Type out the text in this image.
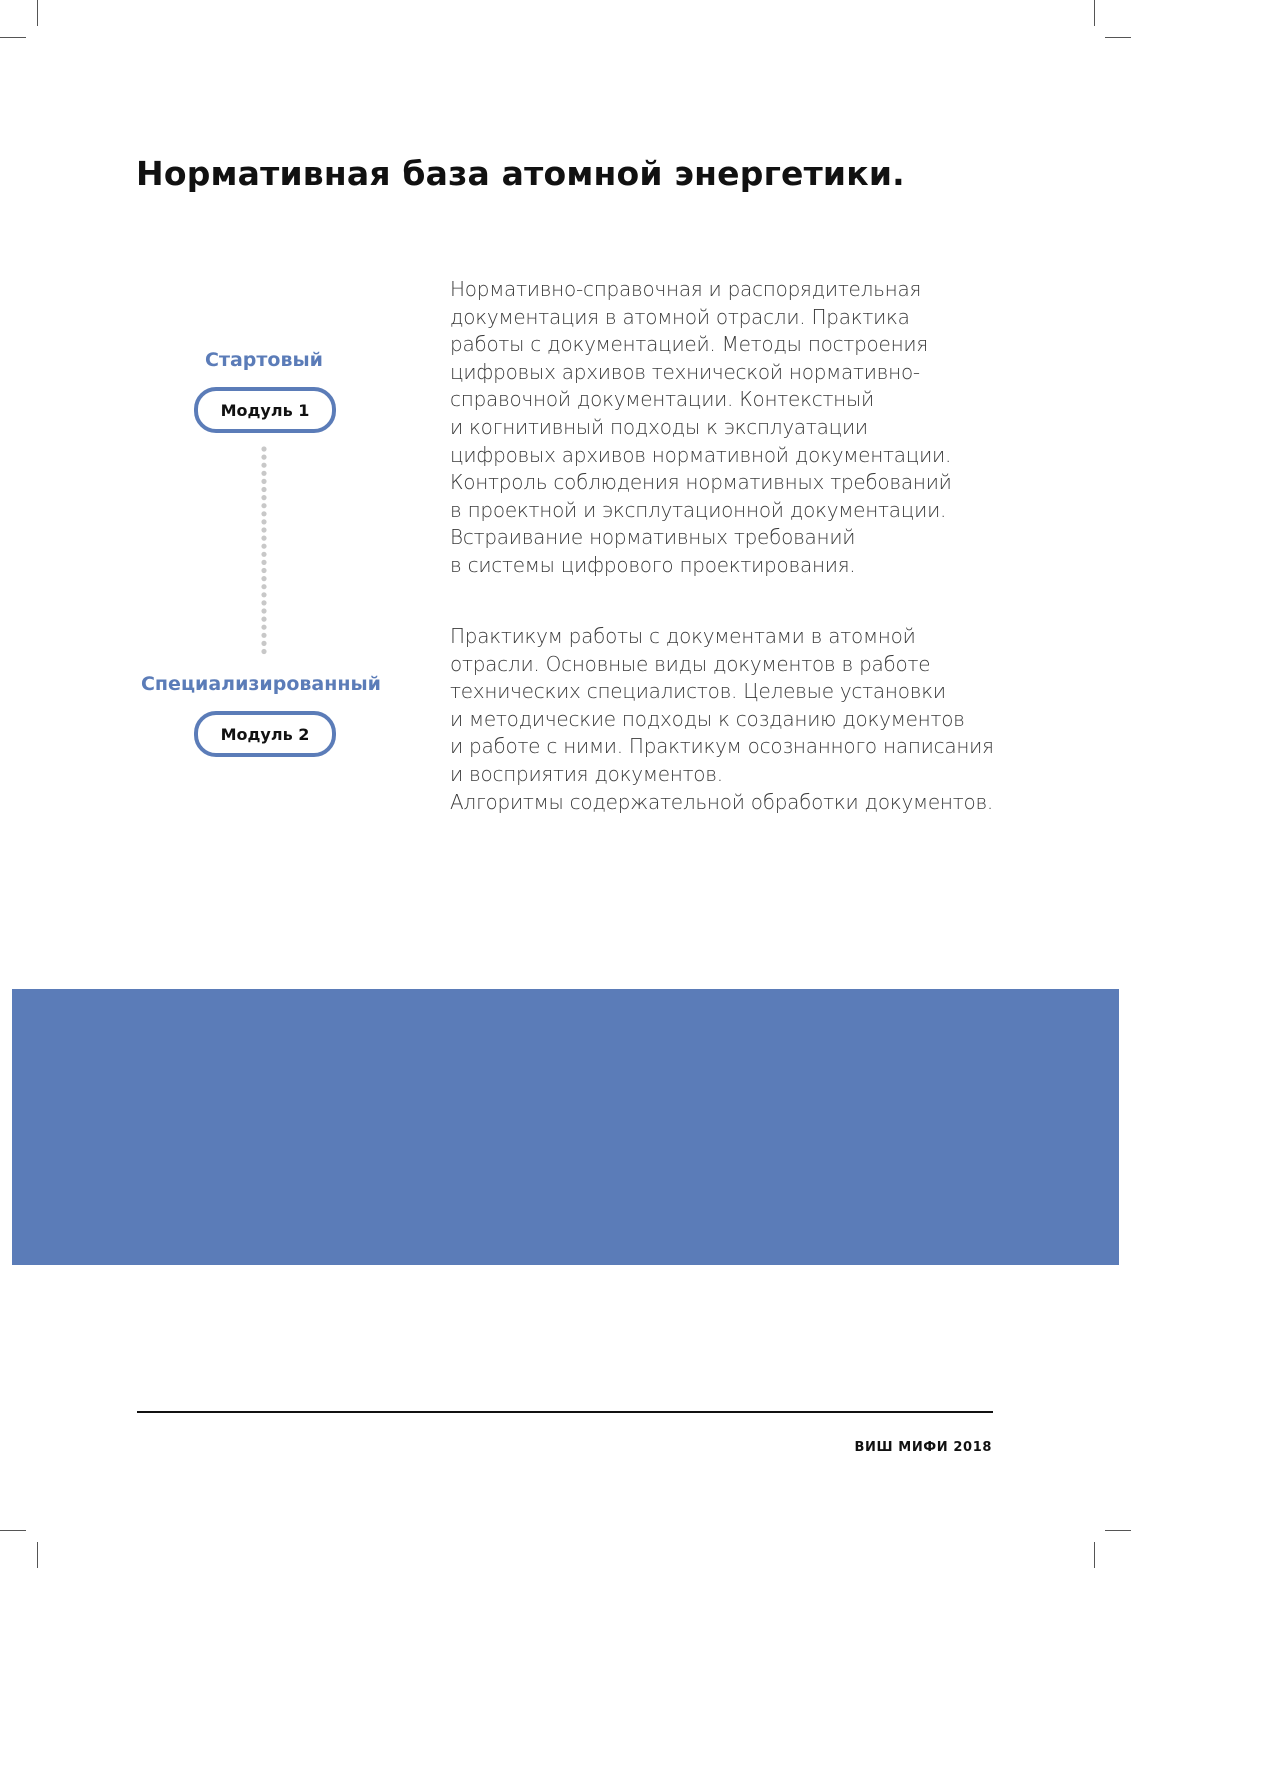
Нормативная база атомной энергетики.
Стартовый
Модуль 1
Специализированный
Модуль 2
Нормативно-справочная и распорядительная
документация в атомной отрасли. Практика
работы с документацией. Методы построения
цифровых архивов технической нормативно-
справочной документации. Контекстный
и когнитивный подходы к эксплуатации
цифровых архивов нормативной документации.
Контроль соблюдения нормативных требований
в проектной и эксплутационной документации.
Встраивание нормативных требований
в системы цифрового проектирования.
Практикум работы с документами в атомной
отрасли. Основные виды документов в работе
технических специалистов. Целевые установки
и методические подходы к созданию документов
и работе с ними. Практикум осознанного написания
и восприятия документов.
Алгоритмы содержательной обработки документов.
ВИШ МИФИ 2018
